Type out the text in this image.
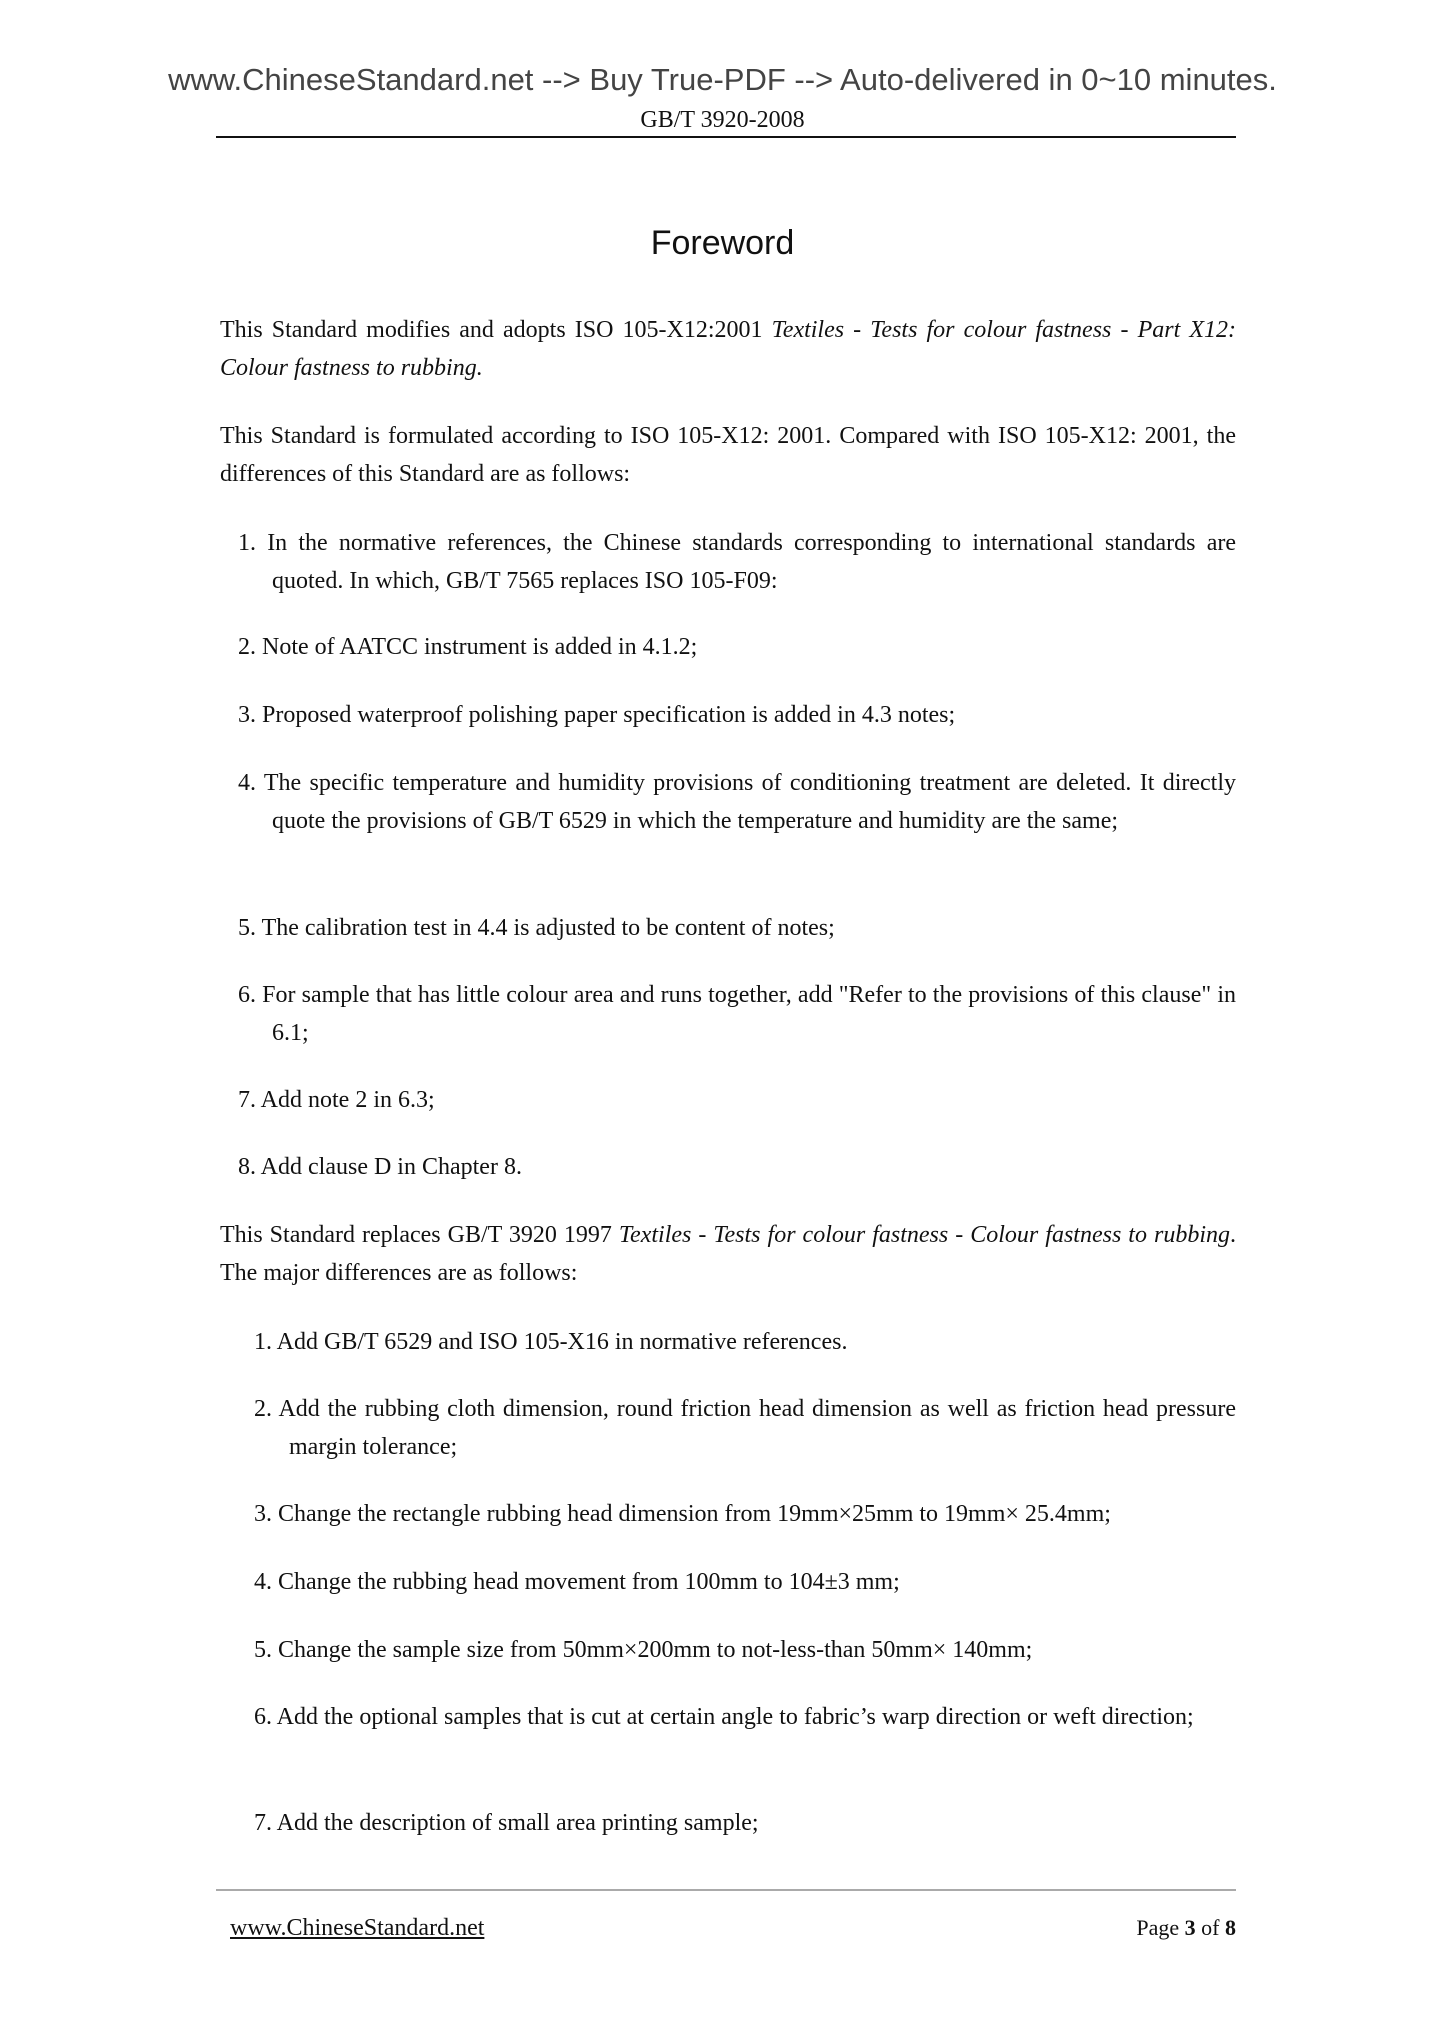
www.ChineseStandard.net --> Buy True-PDF --> Auto-delivered in 0~10 minutes.
GB/T 3920-2008
Foreword
This Standard modifies and adopts ISO 105-X12:2001 Textiles - Tests for colour fastness - Part X12: Colour fastness to rubbing.
This Standard is formulated according to ISO 105-X12: 2001. Compared with ISO 105-X12: 2001, the differences of this Standard are as follows:
1. In the normative references, the Chinese standards corresponding to international standards are quoted. In which, GB/T 7565 replaces ISO 105-F09:
2. Note of AATCC instrument is added in 4.1.2;
3. Proposed waterproof polishing paper specification is added in 4.3 notes;
4. The specific temperature and humidity provisions of conditioning treatment are deleted. It directly quote the provisions of GB/T 6529 in which the temperature and humidity are the same;
5. The calibration test in 4.4 is adjusted to be content of notes;
6. For sample that has little colour area and runs together, add "Refer to the provisions of this clause" in 6.1;
7. Add note 2 in 6.3;
8. Add clause D in Chapter 8.
This Standard replaces GB/T 3920 1997 Textiles - Tests for colour fastness - Colour fastness to rubbing. The major differences are as follows:
1. Add GB/T 6529 and ISO 105-X16 in normative references.
2. Add the rubbing cloth dimension, round friction head dimension as well as friction head pressure margin tolerance;
3. Change the rectangle rubbing head dimension from 19mm×25mm to 19mm× 25.4mm;
4. Change the rubbing head movement from 100mm to 104±3 mm;
5. Change the sample size from 50mm×200mm to not-less-than 50mm× 140mm;
6. Add the optional samples that is cut at certain angle to fabric’s warp direction or weft direction;
7. Add the description of small area printing sample;
www.ChineseStandard.net	Page 3 of 8
